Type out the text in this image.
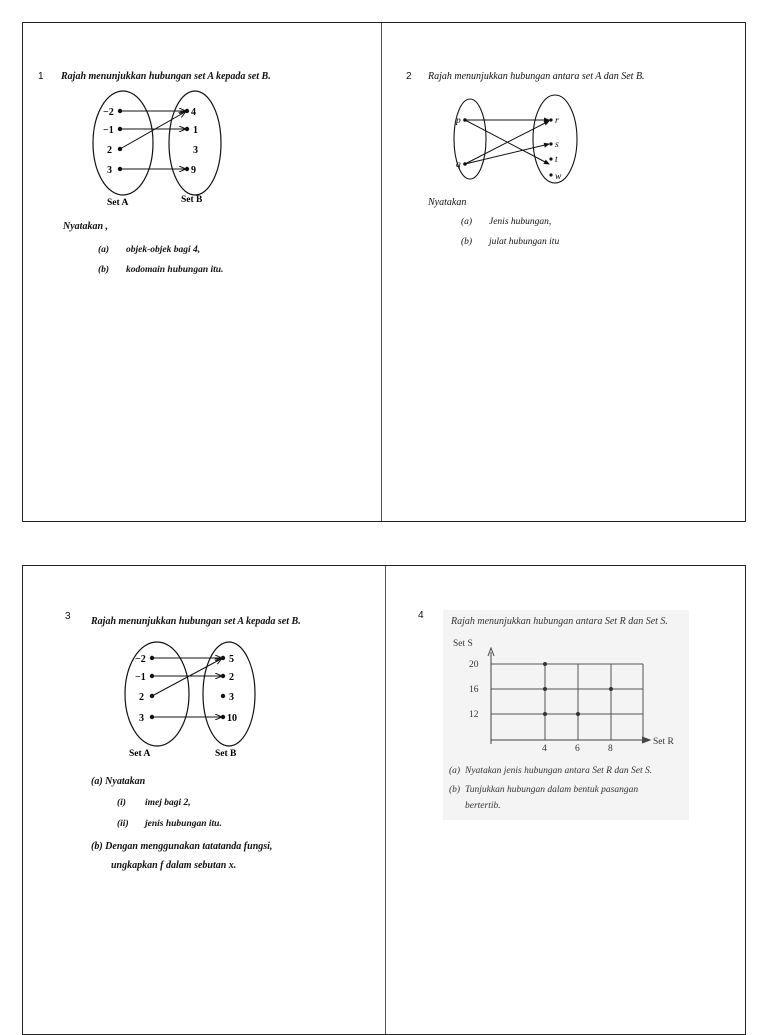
1 Rajah menunjukkan hubungan set A kepada set B.
−2
−1
2
3
4
1
3
9
Set A	Set B
Nyatakan ,
(a) objek-objek bagi 4,
(b) kodomain hubungan itu.
2 Rajah menunjukkan hubungan antara set A dan Set B.
p
q
r
s
t
w
Nyatakan
(a) Jenis hubungan,
(b) julat hubungan itu
3 Rajah menunjukkan hubungan set A kepada set B.
−2
−1
2
3
5
2
3
10
Set A	Set B
(a) Nyatakan
(i) imej bagi 2,
(ii) jenis hubungan itu.
(b) Dengan menggunakan tatatanda fungsi,
ungkapkan f dalam sebutan x.
4
Rajah menunjukkan hubungan antara Set R dan Set S.
Set S
20
16
12
4	6	8
Set R
(a) Nyatakan jenis hubungan antara Set R dan Set S.
(b) Tunjukkan hubungan dalam bentuk pasangan
bertertib.
